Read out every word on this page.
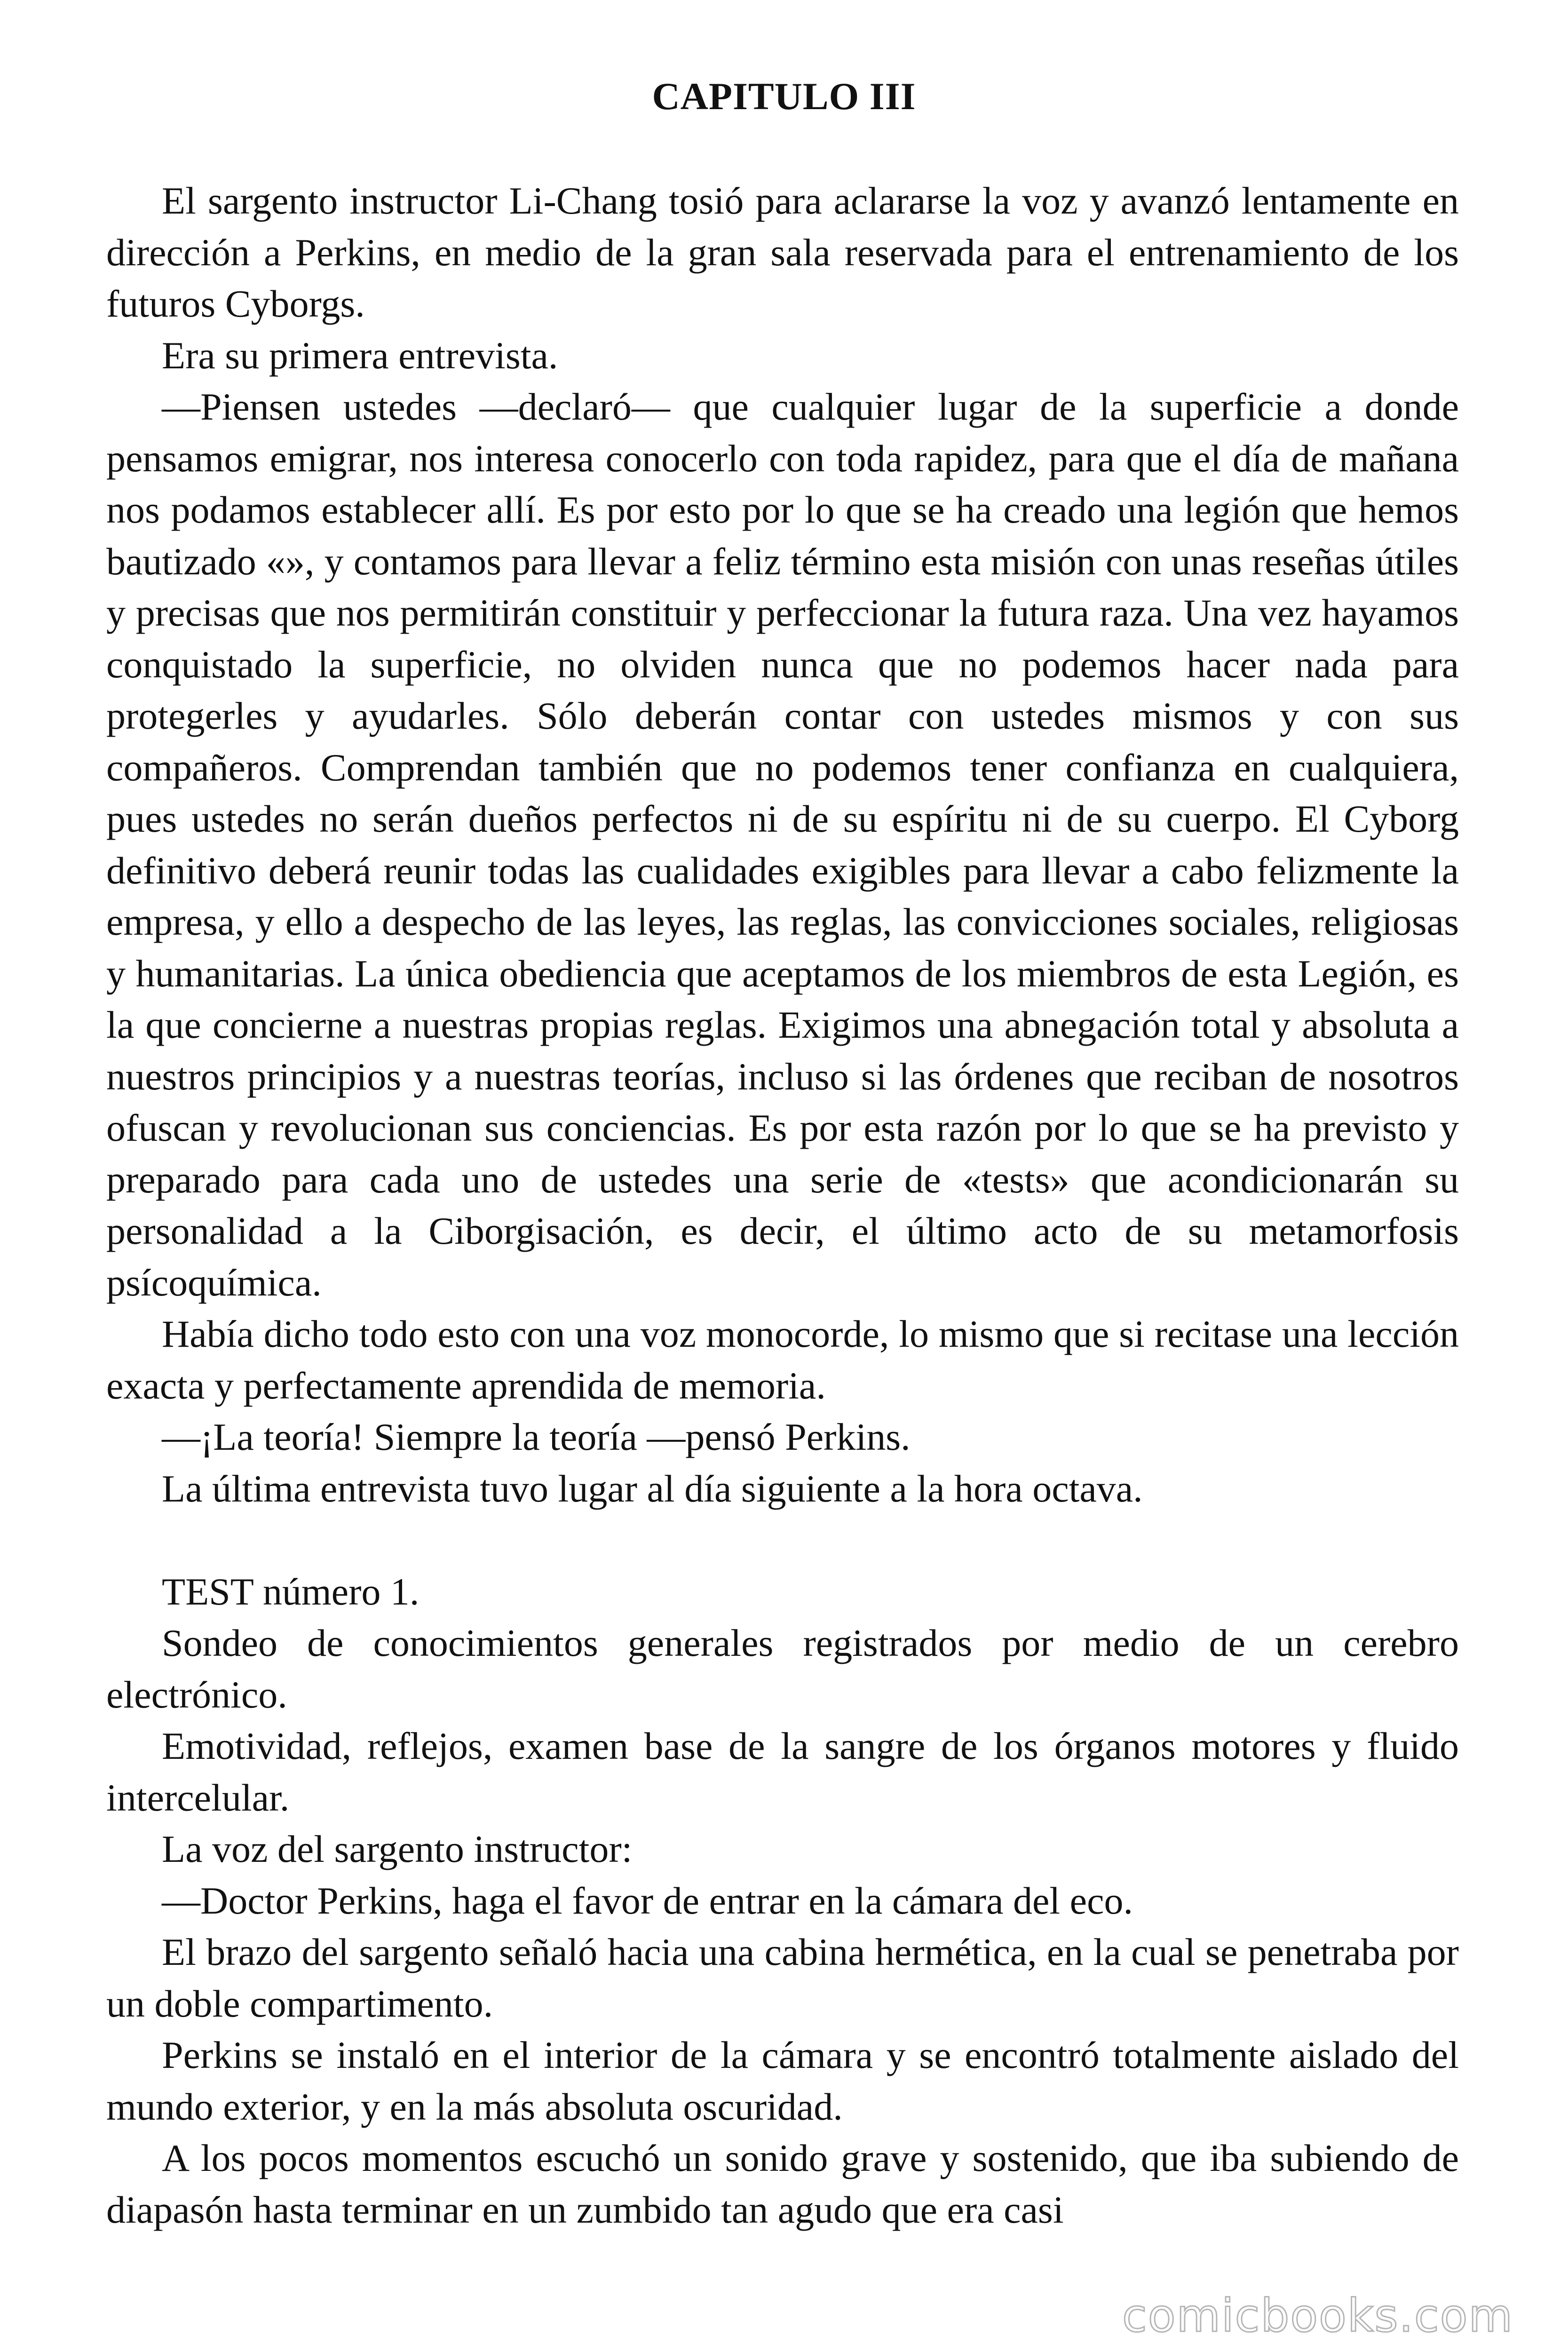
CAPITULO III

El sargento instructor Li-Chang tosió para aclararse la voz y avanzó lentamente en dirección a Perkins, en medio de la gran sala reservada para el entrenamiento de los futuros Cyborgs.

Era su primera entrevista.

—Piensen ustedes —declaró— que cualquier lugar de la superficie a donde pensamos emigrar, nos interesa conocerlo con toda rapidez, para que el día de mañana nos podamos establecer allí. Es por esto por lo que se ha creado una legión que hemos bautizado «», y contamos para llevar a feliz término esta misión con unas reseñas útiles y precisas que nos permitirán constituir y perfeccionar la futura raza. Una vez hayamos conquistado la superficie, no olviden nunca que no podemos hacer nada para protegerles y ayudarles. Sólo deberán contar con ustedes mismos y con sus compañeros. Comprendan también que no podemos tener confianza en cualquiera, pues ustedes no serán dueños perfectos ni de su espíritu ni de su cuerpo. El Cyborg definitivo deberá reunir todas las cualidades exigibles para llevar a cabo felizmente la empresa, y ello a despecho de las leyes, las reglas, las convicciones sociales, religiosas y humanitarias. La única obediencia que aceptamos de los miembros de esta Legión, es la que concierne a nuestras propias reglas. Exigimos una abnegación total y absoluta a nuestros principios y a nuestras teorías, incluso si las órdenes que reciban de nosotros ofuscan y revolucionan sus conciencias. Es por esta razón por lo que se ha previsto y preparado para cada uno de ustedes una serie de «tests» que acondicionarán su personalidad a la Ciborgisación, es decir, el último acto de su metamorfosis psícoquímica.

Había dicho todo esto con una voz monocorde, lo mismo que si recitase una lección exacta y perfectamente aprendida de memoria.

—¡La teoría! Siempre la teoría —pensó Perkins.

La última entrevista tuvo lugar al día siguiente a la hora octava.

TEST número 1.

Sondeo de conocimientos generales registrados por medio de un cerebro electrónico.

Emotividad, reflejos, examen base de la sangre de los órganos motores y fluido intercelular.

La voz del sargento instructor:

—Doctor Perkins, haga el favor de entrar en la cámara del eco.

El brazo del sargento señaló hacia una cabina hermética, en la cual se penetraba por un doble compartimento.

Perkins se instaló en el interior de la cámara y se encontró totalmente aislado del mundo exterior, y en la más absoluta oscuridad.

A los pocos momentos escuchó un sonido grave y sostenido, que iba subiendo de diapasón hasta terminar en un zumbido tan agudo que era casi

comicbooks.com
